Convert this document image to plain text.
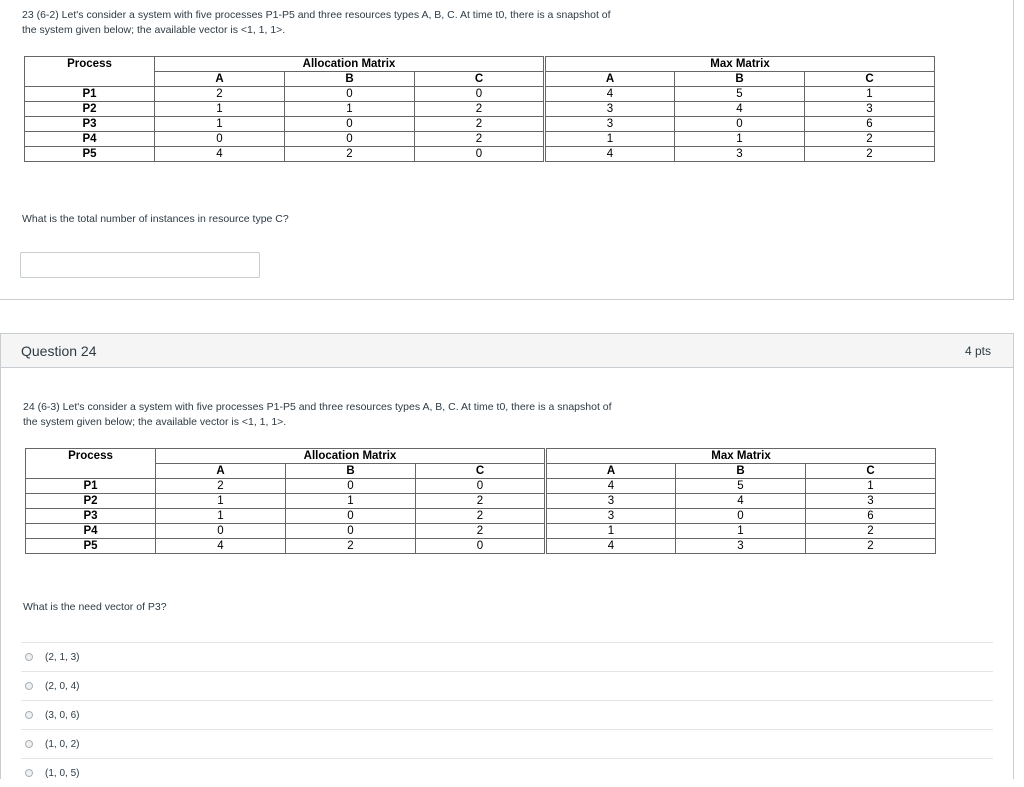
23 (6-2) Let's consider a system with five processes P1-P5 and three resources types A, B, C. At time t0, there is a snapshot of
the system given below; the available vector is <1, 1, 1>.
Process	Allocation Matrix			Max Matrix		
	A	B	C	A	B	C
P1	2	0	0	4	5	1
P2	1	1	2	3	4	3
P3	1	0	2	3	0	6
P4	0	0	2	1	1	2
P5	4	2	0	4	3	2
What is the total number of instances in resource type C?
Question 24	4 pts
24 (6-3) Let's consider a system with five processes P1-P5 and three resources types A, B, C. At time t0, there is a snapshot of
the system given below; the available vector is <1, 1, 1>.
Process	Allocation Matrix			Max Matrix		
	A	B	C	A	B	C
P1	2	0	0	4	5	1
P2	1	1	2	3	4	3
P3	1	0	2	3	0	6
P4	0	0	2	1	1	2
P5	4	2	0	4	3	2
What is the need vector of P3?
(2, 1, 3)
(2, 0, 4)
(3, 0, 6)
(1, 0, 2)
(1, 0, 5)
